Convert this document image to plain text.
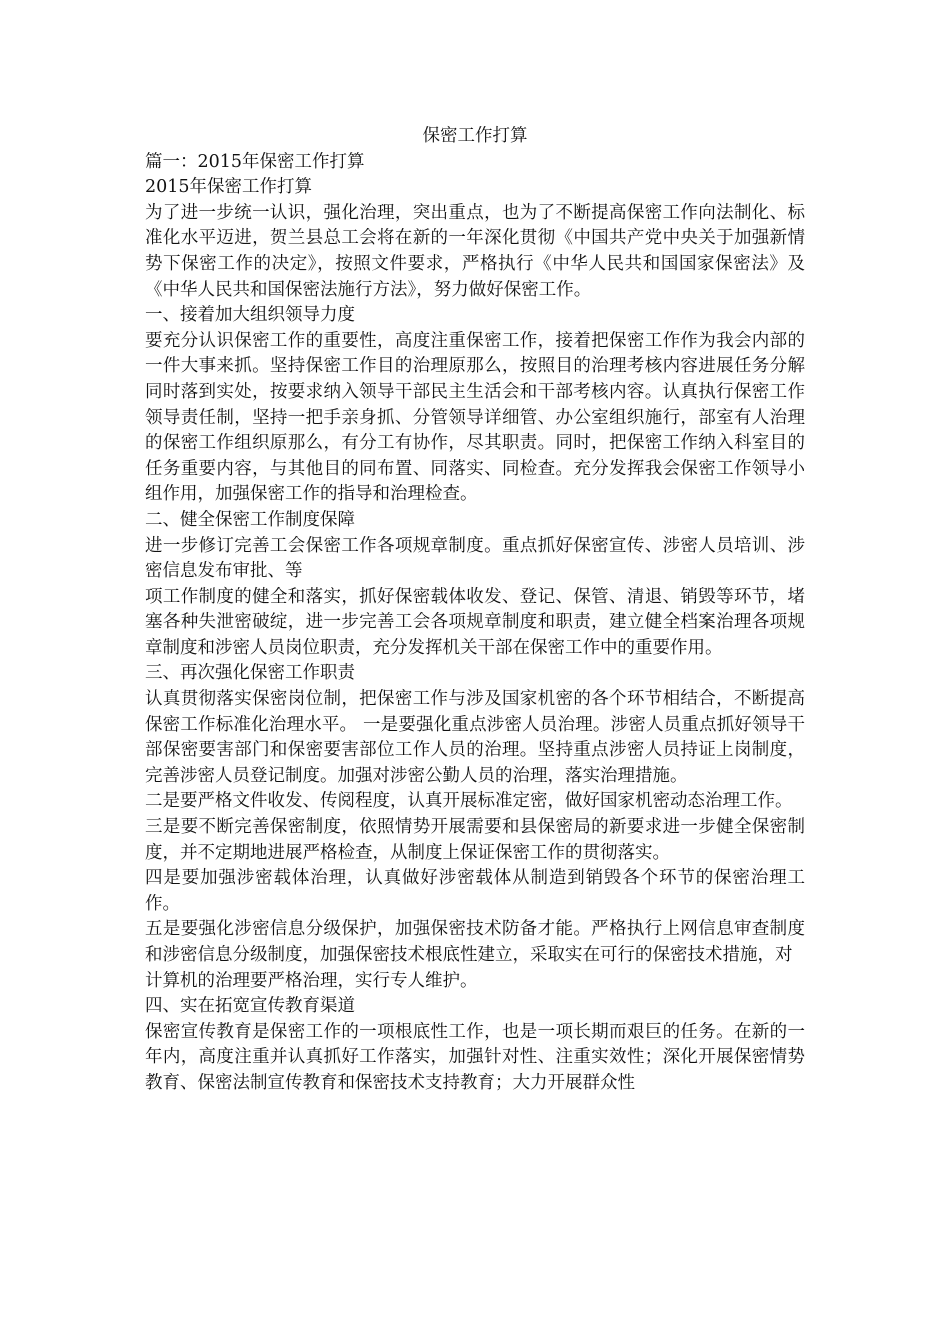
保密工作打算

篇一：2015年保密工作打算

2015年保密工作打算

为了进一步统一认识，强化治理，突出重点，也为了不断提高保密工作向法制化、标准化水平迈进，贺兰县总工会将在新的一年深化贯彻《中国共产党中央关于加强新情势下保密工作的决定》，按照文件要求，严格执行《中华人民共和国国家保密法》及《中华人民共和国保密法施行方法》，努力做好保密工作。

一、接着加大组织领导力度

要充分认识保密工作的重要性，高度注重保密工作，接着把保密工作作为我会内部的一件大事来抓。坚持保密工作目的治理原那么，按照目的治理考核内容进展任务分解同时落到实处，按要求纳入领导干部民主生活会和干部考核内容。认真执行保密工作领导责任制，坚持一把手亲身抓、分管领导详细管、办公室组织施行，部室有人治理的保密工作组织原那么，有分工有协作，尽其职责。同时，把保密工作纳入科室目的任务重要内容，与其他目的同布置、同落实、同检查。充分发挥我会保密工作领导小组作用，加强保密工作的指导和治理检查。

二、健全保密工作制度保障

进一步修订完善工会保密工作各项规章制度。重点抓好保密宣传、涉密人员培训、涉密信息发布审批、等

项工作制度的健全和落实，抓好保密载体收发、登记、保管、清退、销毁等环节，堵塞各种失泄密破绽，进一步完善工会各项规章制度和职责，建立健全档案治理各项规章制度和涉密人员岗位职责，充分发挥机关干部在保密工作中的重要作用。

三、再次强化保密工作职责

认真贯彻落实保密岗位制，把保密工作与涉及国家机密的各个环节相结合，不断提高保密工作标准化治理水平。 一是要强化重点涉密人员治理。涉密人员重点抓好领导干部保密要害部门和保密要害部位工作人员的治理。坚持重点涉密人员持证上岗制度，完善涉密人员登记制度。加强对涉密公勤人员的治理，落实治理措施。

二是要严格文件收发、传阅程度，认真开展标准定密，做好国家机密动态治理工作。

三是要不断完善保密制度，依照情势开展需要和县保密局的新要求进一步健全保密制度，并不定期地进展严格检查，从制度上保证保密工作的贯彻落实。

四是要加强涉密载体治理，认真做好涉密载体从制造到销毁各个环节的保密治理工作。

五是要强化涉密信息分级保护，加强保密技术防备才能。严格执行上网信息审查制度和涉密信息分级制度，加强保密技术根底性建立，采取实在可行的保密技术措施，对

计算机的治理要严格治理，实行专人维护。

四、实在拓宽宣传教育渠道

保密宣传教育是保密工作的一项根底性工作，也是一项长期而艰巨的任务。在新的一年内，高度注重并认真抓好工作落实，加强针对性、注重实效性；深化开展保密情势教育、保密法制宣传教育和保密技术支持教育；大力开展群众性
